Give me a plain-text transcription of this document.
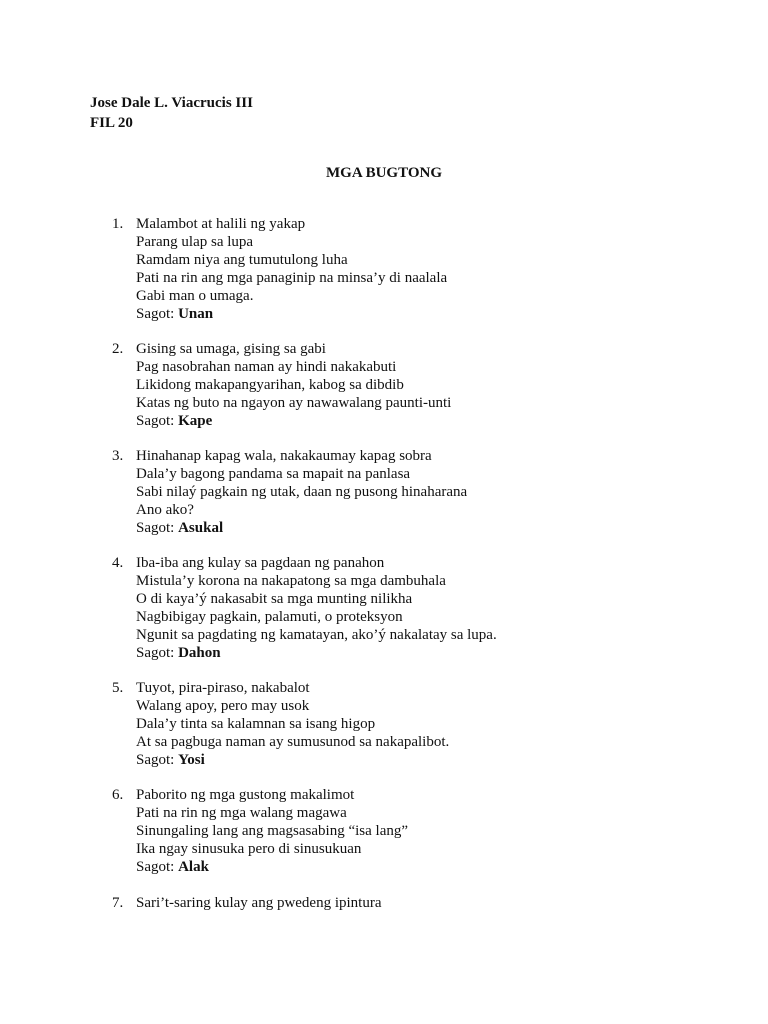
Jose Dale L. Viacrucis III
FIL 20
MGA BUGTONG
1. Malambot at halili ng yakap
Parang ulap sa lupa
Ramdam niya ang tumutulong luha
Pati na rin ang mga panaginip na minsa’y di naalala
Gabi man o umaga.
Sagot: Unan
2. Gising sa umaga, gising sa gabi
Pag nasobrahan naman ay hindi nakakabuti
Likidong makapangyarihan, kabog sa dibdib
Katas ng buto na ngayon ay nawawalang paunti-unti
Sagot: Kape
3. Hinahanap kapag wala, nakakaumay kapag sobra
Dala’y bagong pandama sa mapait na panlasa
Sabi nilaý pagkain ng utak, daan ng pusong hinaharana
Ano ako?
Sagot: Asukal
4. Iba-iba ang kulay sa pagdaan ng panahon
Mistula’y korona na nakapatong sa mga dambuhala
O di kaya’ý nakasabit sa mga munting nilikha
Nagbibigay pagkain, palamuti, o proteksyon
Ngunit sa pagdating ng kamatayan, ako’ý nakalatay sa lupa.
Sagot: Dahon
5. Tuyot, pira-piraso, nakabalot
Walang apoy, pero may usok
Dala’y tinta sa kalamnan sa isang higop
At sa pagbuga naman ay sumusunod sa nakapalibot.
Sagot: Yosi
6. Paborito ng mga gustong makalimot
Pati na rin ng mga walang magawa
Sinungaling lang ang magsasabing “isa lang”
Ika ngay sinusuka pero di sinusukuan
Sagot: Alak
7. Sari’t-saring kulay ang pwedeng ipintura
